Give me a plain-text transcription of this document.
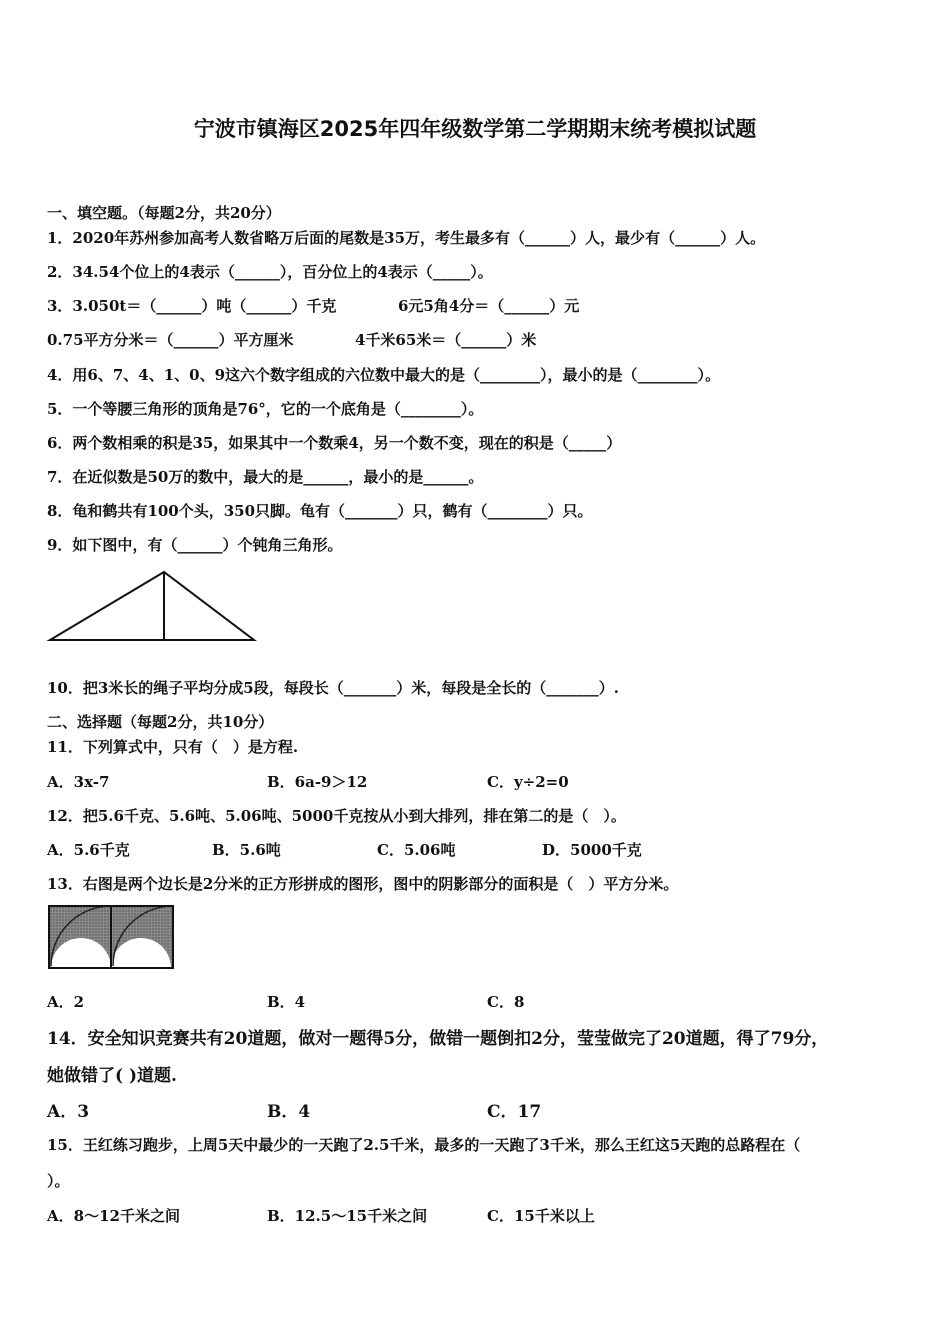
宁波市镇海区2025年四年级数学第二学期期末统考模拟试题
一、填空题。（每题2分，共20分）
1．2020年苏州参加高考人数省略万后面的尾数是35万，考生最多有（______）人，最少有（______）人。
2．34.54个位上的4表示（______），百分位上的4表示（_____）。
3．3.050t＝（______）吨（______）千克	6元5角4分＝（______）元
0.75平方分米＝（______）平方厘米	4千米65米＝（______）米
4．用6、7、4、1、0、9这六个数字组成的六位数中最大的是（________），最小的是（________）。
5．一个等腰三角形的顶角是76°，它的一个底角是（________）。
6．两个数相乘的积是35，如果其中一个数乘4，另一个数不变，现在的积是（_____）
7．在近似数是50万的数中，最大的是______，最小的是______。
8．龟和鹤共有100个头，350只脚。龟有（_______）只，鹤有（________）只。
9．如下图中，有（______）个钝角三角形。
10．把3米长的绳子平均分成5段，每段长（_______）米，每段是全长的（_______）.
二、选择题（每题2分，共10分）
11．下列算式中，只有（　）是方程.
A．3x-7	B．6a-9＞12	C．y÷2=0
12．把5.6千克、5.6吨、5.06吨、5000千克按从小到大排列，排在第二的是（　）。
A．5.6千克	B．5.6吨	C．5.06吨	D．5000千克
13．右图是两个边长是2分米的正方形拼成的图形，图中的阴影部分的面积是（　）平方分米。
A．2	B．4	C．8
14．安全知识竞赛共有20道题，做对一题得5分，做错一题倒扣2分，莹莹做完了20道题，得了79分，
她做错了( )道题.
A．3	B．4	C．17
15．王红练习跑步，上周5天中最少的一天跑了2.5千米，最多的一天跑了3千米，那么王红这5天跑的总路程在（
）。
A．8～12千米之间	B．12.5～15千米之间	C．15千米以上
